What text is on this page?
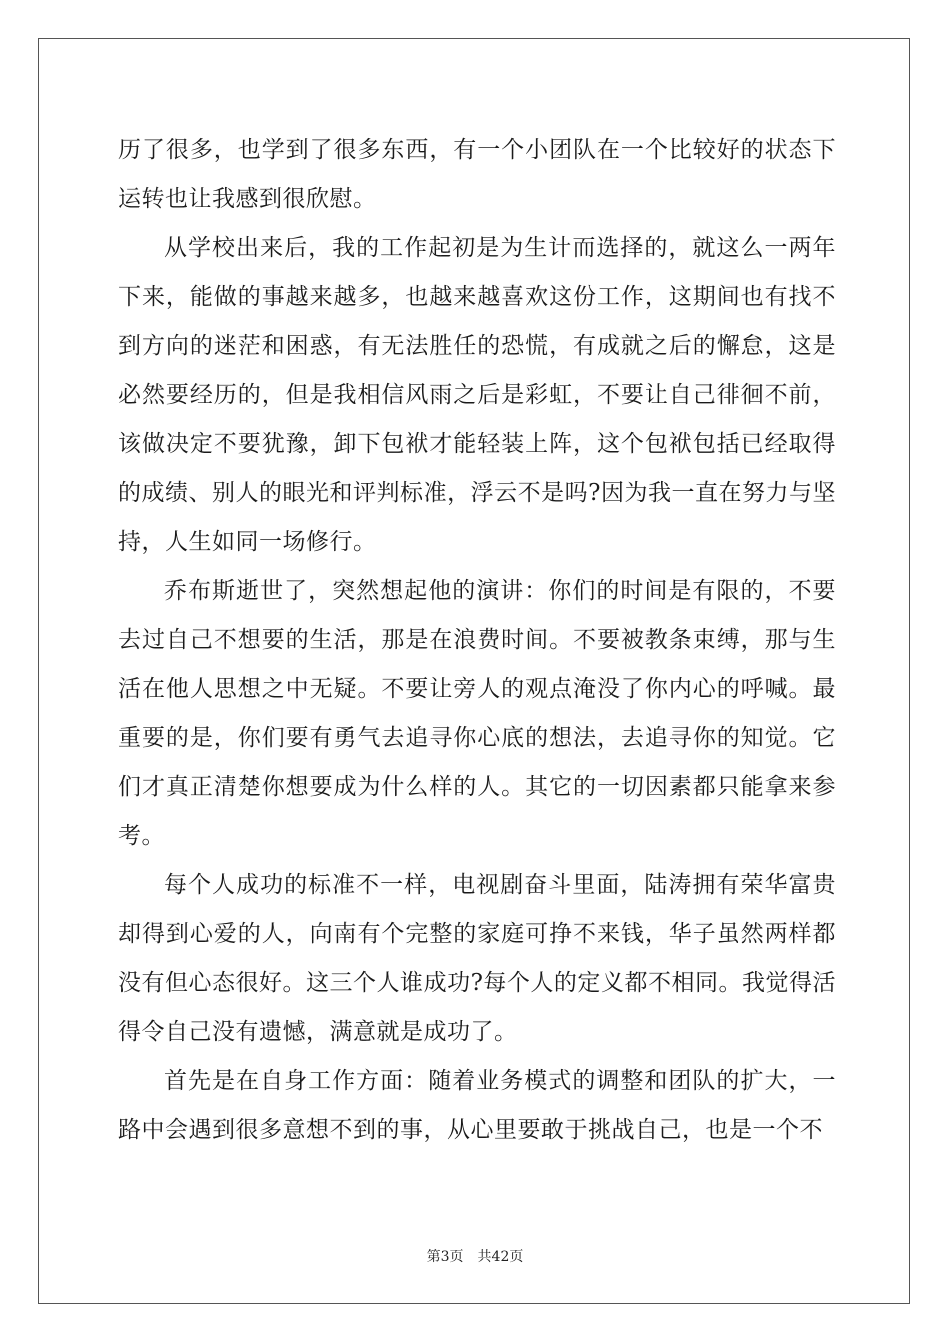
历了很多，也学到了很多东西，有一个小团队在一个比较好的状态下运转也让我感到很欣慰。

从学校出来后，我的工作起初是为生计而选择的，就这么一两年下来，能做的事越来越多，也越来越喜欢这份工作，这期间也有找不到方向的迷茫和困惑，有无法胜任的恐慌，有成就之后的懈怠，这是必然要经历的，但是我相信风雨之后是彩虹，不要让自己徘徊不前，该做决定不要犹豫，卸下包袱才能轻装上阵，这个包袱包括已经取得的成绩、别人的眼光和评判标准，浮云不是吗?因为我一直在努力与坚持，人生如同一场修行。

乔布斯逝世了，突然想起他的演讲：你们的时间是有限的，不要去过自己不想要的生活，那是在浪费时间。不要被教条束缚，那与生活在他人思想之中无疑。不要让旁人的观点淹没了你内心的呼喊。最重要的是，你们要有勇气去追寻你心底的想法，去追寻你的知觉。它们才真正清楚你想要成为什么样的人。其它的一切因素都只能拿来参考。

每个人成功的标准不一样，电视剧奋斗里面，陆涛拥有荣华富贵却得到心爱的人，向南有个完整的家庭可挣不来钱，华子虽然两样都没有但心态很好。这三个人谁成功?每个人的定义都不相同。我觉得活得令自己没有遗憾，满意就是成功了。

首先是在自身工作方面：随着业务模式的调整和团队的扩大，一路中会遇到很多意想不到的事，从心里要敢于挑战自己，也是一个不

第3页 共42页
